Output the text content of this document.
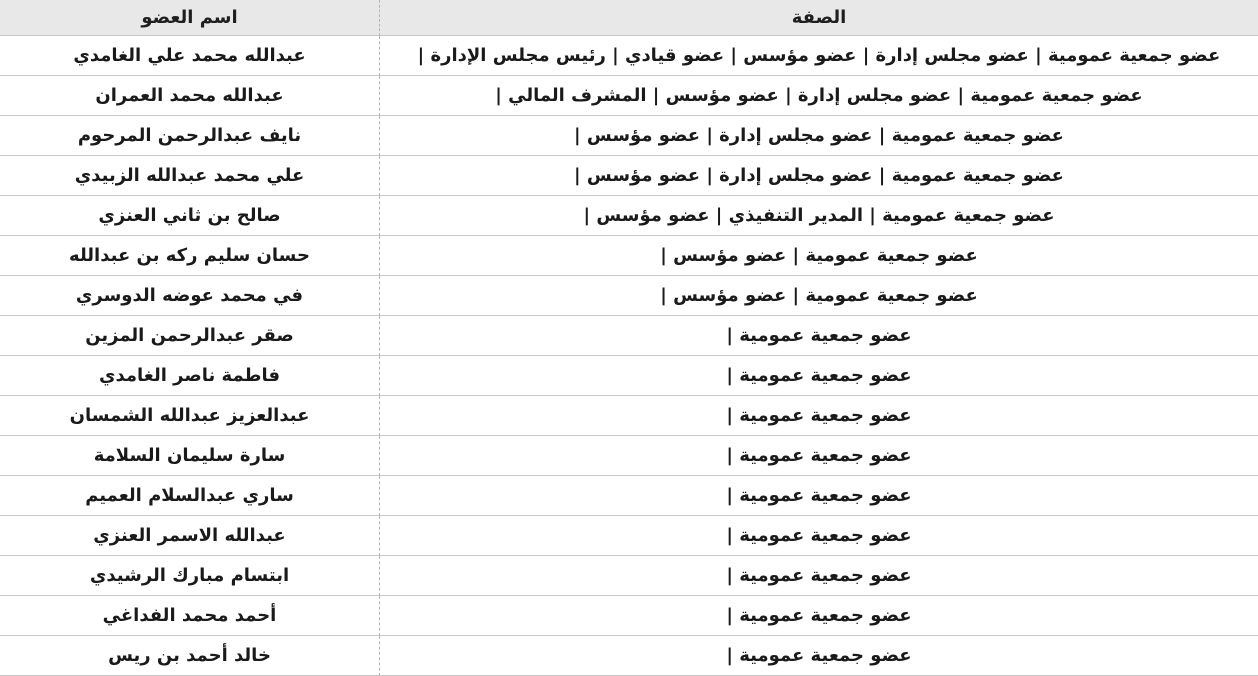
اسم العضو	الصفة
عبدالله محمد علي الغامدي	عضو جمعية عمومية | عضو مجلس إدارة | عضو مؤسس | عضو قيادي | رئيس مجلس الإدارة |
عبدالله محمد العمران	عضو جمعية عمومية | عضو مجلس إدارة | عضو مؤسس | المشرف المالي |
نايف عبدالرحمن المرحوم	عضو جمعية عمومية | عضو مجلس إدارة | عضو مؤسس |
علي محمد عبدالله الزبيدي	عضو جمعية عمومية | عضو مجلس إدارة | عضو مؤسس |
صالح بن ثاني العنزي	عضو جمعية عمومية | المدير التنفيذي | عضو مؤسس |
حسان سليم ركه بن عبدالله	عضو جمعية عمومية | عضو مؤسس |
في محمد عوضه الدوسري	عضو جمعية عمومية | عضو مؤسس |
صقر عبدالرحمن المزين	عضو جمعية عمومية |
فاطمة ناصر الغامدي	عضو جمعية عمومية |
عبدالعزيز عبدالله الشمسان	عضو جمعية عمومية |
سارة سليمان السلامة	عضو جمعية عمومية |
ساري عبدالسلام العميم	عضو جمعية عمومية |
عبدالله الاسمر العنزي	عضو جمعية عمومية |
ابتسام مبارك الرشيدي	عضو جمعية عمومية |
أحمد محمد الفداغي	عضو جمعية عمومية |
خالد أحمد بن ريس	عضو جمعية عمومية |
